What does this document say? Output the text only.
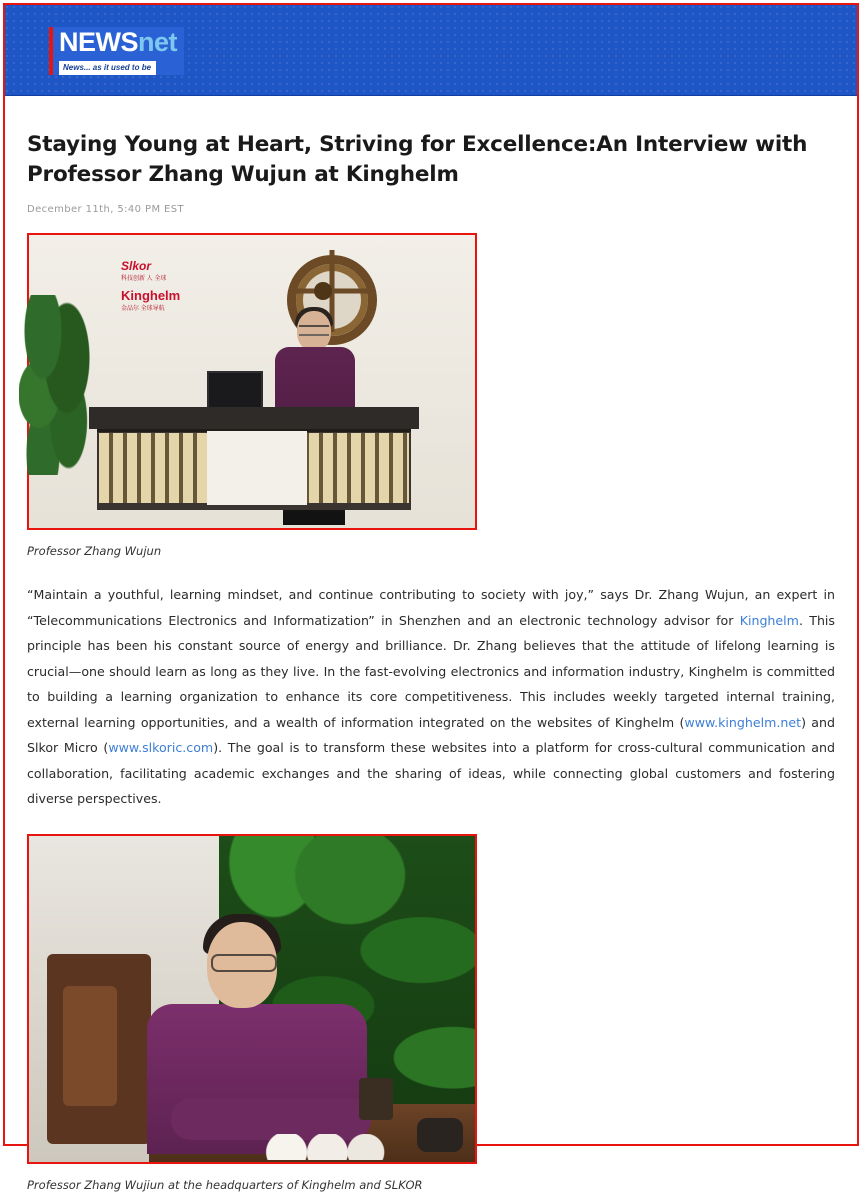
NEWSnet
News... as it used to be
Staying Young at Heart, Striving for Excellence:An Interview with Professor Zhang Wujun at Kinghelm
December 11th, 5:40 PM EST
Slkor
科技创新 人 全球
Kinghelm
金品尔 全球导航
Professor Zhang Wujun

“Maintain a youthful, learning mindset, and continue contributing to society with joy,” says Dr. Zhang Wujun, an expert in “Telecommunications Electronics and Informatization” in Shenzhen and an electronic technology advisor for Kinghelm. This principle has been his constant source of energy and brilliance. Dr. Zhang believes that the attitude of lifelong learning is crucial—one should learn as long as they live. In the fast-evolving electronics and information industry, Kinghelm is committed to building a learning organization to enhance its core competitiveness. This includes weekly targeted internal training, external learning opportunities, and a wealth of information integrated on the websites of Kinghelm (www.kinghelm.net) and Slkor Micro (www.slkoric.com). The goal is to transform these websites into a platform for cross-cultural communication and collaboration, facilitating academic exchanges and the sharing of ideas, while connecting global customers and fostering diverse perspectives.

Professor Zhang Wujiun at the headquarters of Kinghelm and SLKOR
